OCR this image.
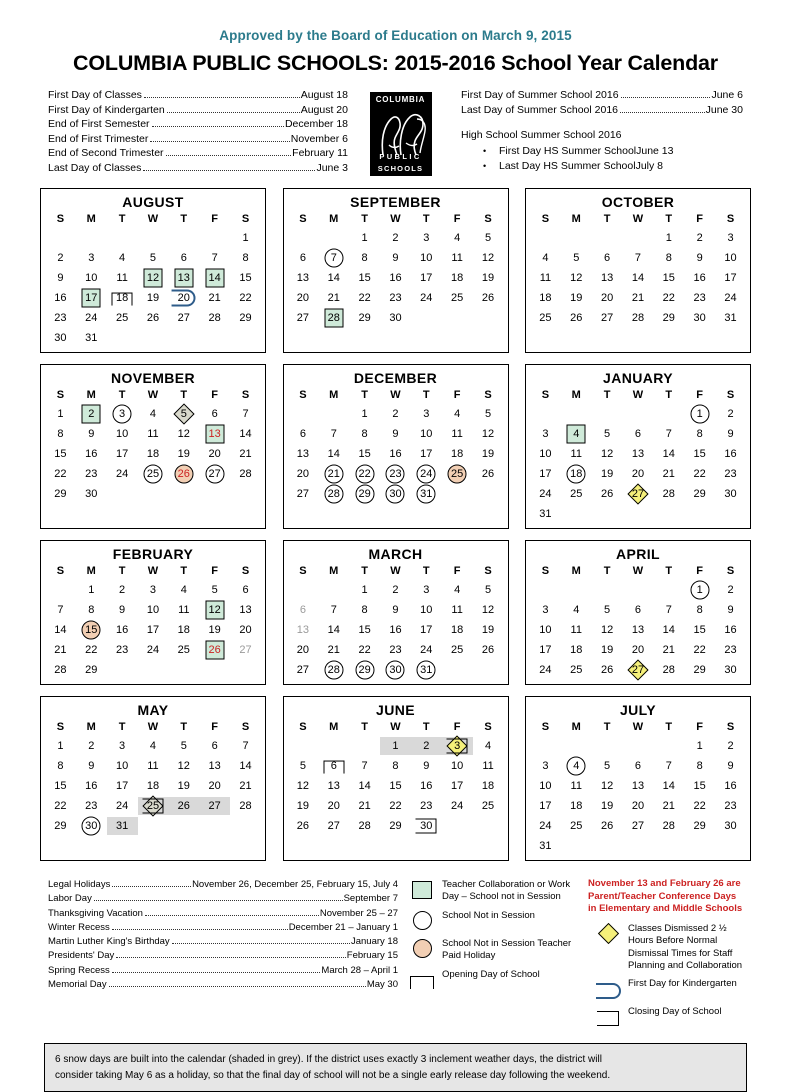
Approved by the Board of Education on March 9, 2015
COLUMBIA PUBLIC SCHOOLS: 2015-2016 School Year Calendar
First Day of Classes	August 18
First Day of Kindergarten	August 20
End of First Semester	December 18
End of First Trimester	November 6
End of Second Trimester	February 11
Last Day of Classes	June 3
COLUMBIA
PUBLIC
SCHOOLS
First Day of Summer School 2016	June 6
Last Day of Summer School 2016	June 30
High School Summer School 2016
• First Day HS Summer School June 13
• Last Day HS Summer School July 8
AUGUST
S	M	T	W	T	F	S

						1

2	3	4	5	6	7	8

9	10	11	12	13	14	15

16	17	18	19	20	21	22

23	24	25	26	27	28	29

30	31					

SEPTEMBER
S	M	T	W	T	F	S

		1	2	3	4	5

6	7	8	9	10	11	12

13	14	15	16	17	18	19

20	21	22	23	24	25	26

27	28	29	30			

OCTOBER
S	M	T	W	T	F	S

				1	2	3

4	5	6	7	8	9	10

11	12	13	14	15	16	17

18	19	20	21	22	23	24

25	26	27	28	29	30	31
NOVEMBER
S	M	T	W	T	F	S

1	2	3	4	5	6	7

8	9	10	11	12	13	14

15	16	17	18	19	20	21

22	23	24	25	26	27	28

29	30					

DECEMBER
S	M	T	W	T	F	S

		1	2	3	4	5

6	7	8	9	10	11	12

13	14	15	16	17	18	19

20	21	22	23	24	25	26

27	28	29	30	31		

JANUARY
S	M	T	W	T	F	S

					1	2

3	4	5	6	7	8	9

10	11	12	13	14	15	16

17	18	19	20	21	22	23

24	25	26	27	28	29	30

31						

FEBRUARY
S	M	T	W	T	F	S

	1	2	3	4	5	6

7	8	9	10	11	12	13

14	15	16	17	18	19	20

21	22	23	24	25	26	27

28	29					

MARCH
S	M	T	W	T	F	S

		1	2	3	4	5

6	7	8	9	10	11	12

13	14	15	16	17	18	19

20	21	22	23	24	25	26

27	28	29	30	31		

APRIL
S	M	T	W	T	F	S

					1	2

3	4	5	6	7	8	9

10	11	12	13	14	15	16

17	18	19	20	21	22	23

24	25	26	27	28	29	30
MAY
S	M	T	W	T	F	S

1	2	3	4	5	6	7

8	9	10	11	12	13	14

15	16	17	18	19	20	21

22	23	24	25	26	27	28

29	30	31				

JUNE
S	M	T	W	T	F	S

			1	2	3	4

5	6	7	8	9	10	11

12	13	14	15	16	17	18

19	20	21	22	23	24	25

26	27	28	29	30		

JULY
S	M	T	W	T	F	S

					1	2

3	4	5	6	7	8	9

10	11	12	13	14	15	16

17	18	19	20	21	22	23

24	25	26	27	28	29	30

31						

Legal Holidays	November 26, December 25, February 15, July 4
Labor Day	September 7
Thanksgiving Vacation	November 25 – 27
Winter Recess	December 21 – January 1
Martin Luther King's Birthday	January 18
Presidents' Day	February 15
Spring Recess	March 28 – April 1
Memorial Day	May 30
Teacher Collaboration or Work Day – School not in Session
School Not in Session
School Not in Session Teacher Paid Holiday
Opening Day of School
November 13 and February 26 are Parent/Teacher Conference Days in Elementary and Middle Schools
Classes Dismissed 2 ½ Hours Before Normal Dismissal Times for Staff Planning and Collaboration
First Day for Kindergarten
Closing Day of School
6 snow days are built into the calendar (shaded in grey). If the district uses exactly 3 inclement weather days, the district will
consider taking May 6 as a holiday, so that the final day of school will not be a single early release day following the weekend.
